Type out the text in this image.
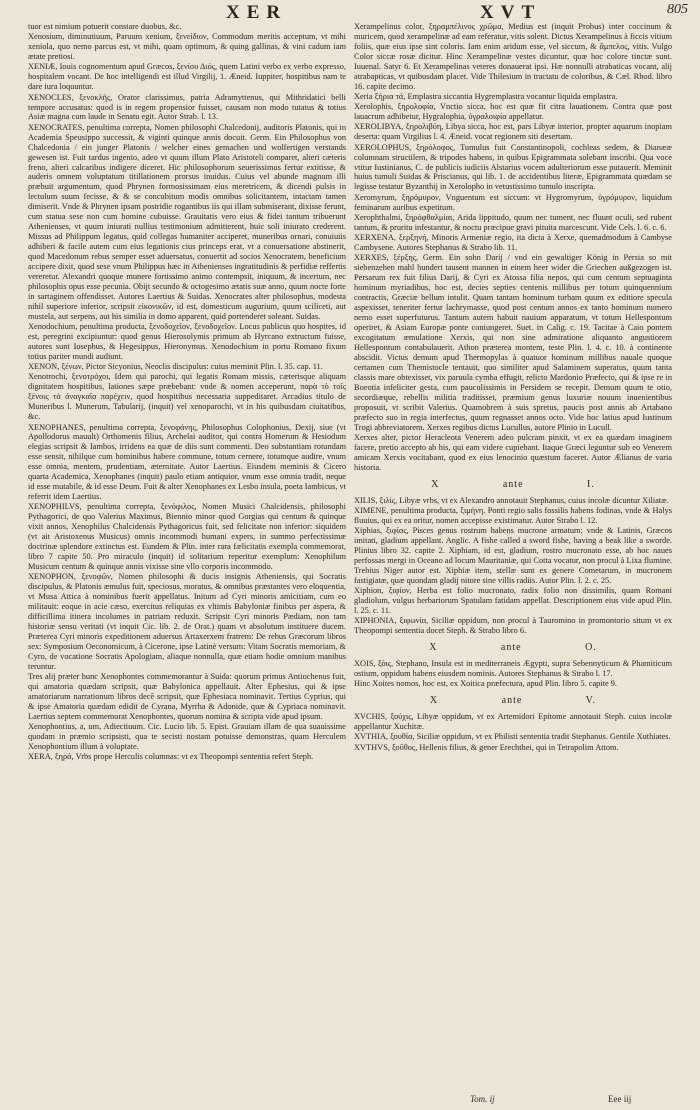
XER	XVT	805

tuor est nimium potuerit constare duobus, &c.

Xenosium, diminutiuum, Paruum xenium, ξενείδιον, Commodum meritis acceptum, vt mihi xeniola, quo nemo parcus est, vt mihi, quam optimum, & quing gallinas, & vini cadum iam ætate pretiosi.

XENIÆ, Iouis cognomentum apud Græcos, ξενίου Διός, quem Latini verbo ex verbo expresso, hospitalem vocant. De hoc intelligendi est illud Virgilij, 1. Æneid. Iuppiter, hospitibus nam te dare iura loquuntur.

XENOCLES, ξενοκλῆς, Orator clarissimus, patria Adramyttenus, qui Mithridatici belli tempore accusatus: quod is in regem propensior fuisset, causam non modo tutatus & totius Asiæ magna cum laude in Senatu egit. Autor Strab. l. 13.

XENOCRATES, penultima correpta, Nomen philosophi Chalcedonij, auditoris Platonis, qui in Academia Speusippo successit, & viginti quinque annis docuit. Germ. Ein Philosophus von Chalcedonia / ein junger Platonis / welcher eines gemachen und wolfertigen verstands gewesen ist. Fuit tardus ingenio, adeo vt quum illum Plato Aristoteli comparet, alteri cæteris freno, alteri calcaribus indigere diceret. Hic philosophorum seuerissimus fertur extitisse, & auderis omnem voluptatum titillationem prorsus inuidus. Cuius vel abunde magnum illi præbuit argumentum, quod Phrynen formosissimam eius meretricem, & dicendi pulsis in lectulum suum fecisse, & & se concubitum modis omnibus solicitantem, intactam tamen dimiserit. Vnde & Phrynen ipsam postridie rogantibus iis qui illam submiserant, dixisse ferunt, cum statua sese non cum homine cubuisse. Grauitatis vero eius & fidei tantum tribuerunt Athenienses, vt quum iniurati nullius testimonium admitterent, huic soli iniurato crederent. Missus ad Philippum legatus, quid collegas humaniter acciperet, muneribus ornari, conuiuiis adhiberi & facile autem cum eius legationis cius princeps erat, vt a conuersatione abstinerit, quod Macedonum rebus semper esset aduersatus, conuertit ad socios Xenocratem, beneficium accipere dixit, quod sese vnum Philippus hæc in Athenienses ingratitudinis & perfidiæ reffertis vereretur. Alexandri quoque munere fortissimo animo contempsit, iniquum, & incertum, nec philosophis opus esse pecunia. Obijt secundo & octogesimo ætatis suæ anno, quum nocte forte in sartaginem offendisset. Autores Laertius & Suidas. Xenocrates alter philosophus, modesta nihil superiore inferior, scripsit εἰκονικῶν, id est, domesticum augurium, quum sciliceti, aut mustela, aut serpens, aut his similia in domo apparent, quid portenderet soleant. Suidas.

Xenodochium, penultima producta, ξενοδοχεῖον, ξενοδοχεῖον. Locus publicus quo hospites, id est, peregrini excipiuntur: quod genus Hierosolymis primum ab Hyrcano extructum fuisse, autores sunt Iosephus, & Hegesippus, Hieronymus. Xenodochium in portu Romano fixum totius pariter mundi audiunt.

XENON, ξένων, Pictor Sicyonius, Neoclis discipulus: cuius meminit Plin. l. 35. cap. 11.

Xenotrochi, ξενοτρόχοι, Idem qui parochi, qui legatis Romam missis, cæterisque aliquam dignitatem hospitibus, lationes sæpe præbebant: vnde & nomen acceperunt, παρὰ τὸ τοῖς ξένοις τὰ ἀναγκαῖα παρέχειν, quod hospitibus necessaria suppeditaret. Arcadius titulo de Muneribus l. Munerum, Tabularij, (inquit) vel xenoparochi, vt in his quibusdam ciuitatibus, &c.

XENOPHANES, penultima correpta, ξενοφάνης, Philosophus Colophonius, Dexij, siue (vt Apollodorus mauult) Orthomenis filius, Archelai auditor, qui contra Homerum & Hesiodum elegias scripsit & Iambos, irridens ea quæ de diis sunt commenti. Deo substantiam rotundam esse sensit, nihilque cum hominibus habere commune, totum cernere, totumque audire, vnum esse omnia, mentem, prudentiam, æternitate. Autor Laertius. Eiusdem meminis & Cicero quarta Academica, Xenophanes (inquit) paulo etiam antiquior, vnum esse omnia tradit, neque id esse mutabile, & id esse Deum. Fuit & alter Xenophanes ex Lesbo insula, poeta Iambicus, vt referrit idem Laertius.

XENOPHILVS, penultima correpta, ξενόφιλος, Nomen Musici Chalcidensis, philosophi Pythagorici, de quo Valerius Maximus, Biennio minor quod Gorgias qui centum & quinque vixit annos, Xenophilus Chalcidensis Pythagoricus fuit, sed felicitate non inferior: siquidem (vt ait Aristoxenus Musicus) omnis incommodi humani expers, in summo perfectissimæ doctrinæ splendore extinctus est. Eundem & Plin. inter rara fælicitatis exempla commemorat, libro 7 capite 50. Pro miraculo (inquit) id solitarium reperitur exemplum: Xenophilum Musicum centum & quinque annis vixisse sine vllo corporis incommodo.

XENOPHON, ξενοφῶν, Nomen philosophi & ducis insignis Atheniensis, qui Socratis discipulus, & Platonis æmulus fuit, speciosus, moratus, & omnibus præstantes vero eloquentia, vt Musa Attica à nominibus fuerit appellatus. Initum ad Cyri minoris amicitiam, cum eo militauit: eoque in acie cæso, exercitus reliquias ex vltimis Babyloniæ finibus per aspera, & difficillima itinera incolumes in patriam reduxit. Scripsit Cyri minoris Pædiam, non tam historiæ sensu veritati (vt inquit Cic. lib. 2. de Orat.) quam vt absolutum instituere ducem. Præterea Cyri minoris expeditionem aduersus Artaxerxem fratrem: De rebus Græcorum libros sex: Symposium Oeconomicum, à Cicerone, ipse Latinè versum: Vitam Socratis memoriam, & Cyro, de vocatione Socratis Apologiam, aliaque nonnulla, quæ etiam hodie omnium manibus teruntur.

Tres alij præter hunc Xenophontes commemorantur à Suida: quorum primus Antiochenus fuit, qui amatoria quædam scripsit, quæ Babylonica appellauit. Alter Ephesius, qui & ipse amatoriarum narrationum libros decē scripsit, quæ Ephesiaca nominavit. Tertius Cyprius, qui & ipse Amatoria quædam edidit de Cyrana, Myrrha & Adonide, quæ & Cypriaca nominavit. Laertius septem commemorat Xenophontes, quorum nomina & scripta vide apud ipsum.

Xenophontius, a, um, Adiectiuum. Cic. Lucio lib. 5. Epist. Grauiam illam de qua suauissime quodam in præmio scripsisti, qua te secisti nostam potuisse demonstras, quam Herculem Xenophontium illum à voluptate.

XERA, ξηρά, Vrbs prope Herculis columnas: vt ex Theopompi sententia refert Steph.

Xerampelinus color, ξηραμπέλινος χρῶμα, Medius est (inquit Probus) inter coccinum & muricem, quod xerampelinæ ad eam referatur, vitis solent. Dictus Xerampelinus à ficcis vitium foliis, quæ eius ipse sint coloris. Iam enim aridum esse, vel siccum, & ἄμπελος, vitis. Vulgo Color siccæ rosæ dicitur. Hinc Xerampelinæ vestes dicuntur, quæ hoc colore tinctæ sunt. Iuuenal. Satyr 6. Et Xerampelinas veteres donauerat ipsi. Hæ nonnulli atrabaticas vocant, alij atrabapticas, vt quibusdam placet. Vide Thilesium in tractatu de coloribus, & Cæl. Rhod. libro 16. capite decimo.

Xeria ξήρια τά, Emplastra siccantia Hygremplastra vocantur liquida emplastra.

Xerolophis, ξηρολοφία, Vnctio sicca, hoc est quæ fit citra lauationem. Contra quæ post lauacrum adhibetur, Hygralophia, ὑγραλοιφία appellatur.

XEROLIBYA, ξηρολιβύη, Libya sicca, hoc est, pars Libyæ interior, propter aquarum inopiam deserta: quam Virgilius l. 4. Æneid. vocat regionem siti desertam.

XEROLOPHUS, ξηρόλοφος, Tumulus fuit Constantinopoli, cochleas sedem, & Dianææ columnam structilem, & tripodes habens, in quibus Epigrammata solebant inscribi. Qua voce vtitur Iustinianus, C. de publicis iudiciis Alstarius vocem adulteriorum esse putauerit. Meminit huius tumuli Suidas & Priscianus, qui lib. 1. de accidentibus literæ, Epigrammata quædam se legisse testatur Byzanthij in Xerolopho in vetustissimo tumulo inscripta.

Xeromyrum, ξηρόμυρον, Vnguentum est siccum: vt Hygromyrum, ὑγρόμυρον, liquidum feminarum auribus expetitum.

Xerophthalmi, ξηρόφθαλμίαι, Arida lippitudo, quum nec tument, nec fluunt oculi, sed rubent tantum, & pruritu infestantur, & noctu præcipue gravi pituita marcescunt. Vide Cels. l. 6. c. 6.

XERXENA, ξερξηνή, Minoris Armeniæ regio, ita dicta à Xerxe, quemadmodum à Cambyse Cambysene. Autores Stephanus & Strabo lib. 11.

XERXES, ξέρξης, Germ. Ein sohn Darij / vnd ein gewaltiger König in Persia so mit siebenzehen mahl hundert tausent mannen in einem heer wider die Griechen außgezogen ist. Persarum rex fuit filius Darij, & Cyri ex Atossa filia nepos, qui cum centum septuaginta hominum myriadibus, hoc est, decies septies centenis millibus per totum quinquennium contractis, Græciæ bellum intulit. Quam tantam hominum turbam quum ex editiore specula aspexisset, teneriter fertur lachrymasse, quod post centum annos ex tanto hominum numero nemo esset superfuturus. Tantum autem habuit nauium apparatum, vt totum Hellespontum operiret, & Asiam Europæ ponte coniungeret. Suet. in Calig. c. 19. Tacitae à Caio pontem excogitatum æmulatione Xerxis, qui non sine admiratione aliquanto angustiorem Hellespontum contabulauerit. Athon præterea montem, teste Plin. l. 4. c. 10. à continente abscidit. Victus demum apud Thermopylas à quatuor hominum millibus nauale quoque certamen cum Themistocle tentauit, quo similiter apud Salaminem superatus, quum tanta classis mare obtexisset, vix paruula cymba effugit, relicto Mardonio Præfecto, qui & ipse re in Boeotia infeliciter gesta, cum pauculissimis in Persidem se recepit. Demum quum te otio, secordiæque, rebellis militia traditisset, præmium genus luxuriæ nouum inuenientibus proposuit, vt scribit Valerius. Quamobrem à suis spretus, paucis post annis ab Artabano præfecto suo in regia interfectus, quum regnasset annos octo. Vide hoc latius apud Iustinum Trogi abbreviatorem. Xerxes regibus dictus Lucullus, autore Plinio in Lucull.

Xerxes alter, pictor Heracleota Venerem adeo pulcram pinxit, vt ex ea quædam imaginem facere, pretio accepto ab his, qui eam videre cupiebant. Itaque Græci leguntur sub eo Venerem amicam Xerxis vocitabant, quod ex eius lenocinio quæstum faceret. Autor Ælianus de varia historia.

X ante I.

XILIS, ξιλίς, Libyæ vrbs, vt ex Alexandro annotauit Stephanus, cuius incolæ dicuntur Xiliatæ.

XIMENE, penultima producta, ξιμήνη. Ponti regio salis fossilis habens fodinas, vnde & Halys fluuius, qui ex ea oritur, nomen accepisse existimatur. Autor Strabo l. 12.

Xiphias, ξιφίας, Pisces genus rostrum habens mucrone armatum: vnde & Latinis, Græcos imitati, gladium appellant. Anglic. A fishe called a sword fishe, having a beak like a sworde. Plinius libro 32. capite 2. Xiphiam, id est, gladium, rostro mucronato esse, ab hoc naues perfossas mergi in Oceano ad locum Mauritaniæ, qui Cotta vocatur, non procul à Lixa flumine. Trebius Niger autor est. Xiphiæ item, stellæ sunt ex genere Cometarum, in mucronem fastigiatæ, quæ quondam gladij nitore sine villis radiis. Autor Plin. l. 2. c. 25.

Xiphion, ξιφίον, Herba est folio mucronato, radix folio non dissimilis, quam Romani gladiolum, vulgus herbariorum Spatulam fatidam appellat. Descriptionem eius vide apud Plin. l. 25. c. 11.

XIPHONIA, ξιφωνία, Siciliæ oppidum, non procul à Tauromino in promontorio situm vt ex Theopompi sententia docet Steph. & Strabo libro 6.

X ante O.

XOIS, ξόις, Stephano, Insula est in mediterraneis Ægypti, supra Sebennyticum & Phamiticum ostium, oppidum habens eiusdem nominis. Autores Stephanus & Strabo l. 17.

Hinc Xoites nomos, hoc est, ex Xoitica præfectura, apud Plin. libro 5. capite 9.

X ante V.

XVCHIS, ξούχις, Libyæ oppidum, vt ex Artemidori Epitome annotauit Steph. cuius incolæ appellantur Xuchitæ.

XVTHIA, ξουθία, Siciliæ oppidum, vt ex Philisti sententia tradit Stephanus. Gentile Xuthiates.

XVTHVS, ξοῦθος, Hellenis filius, & gener Erechthei, qui in Tetrapolim Attom.

Tom. ij	Eee iij
